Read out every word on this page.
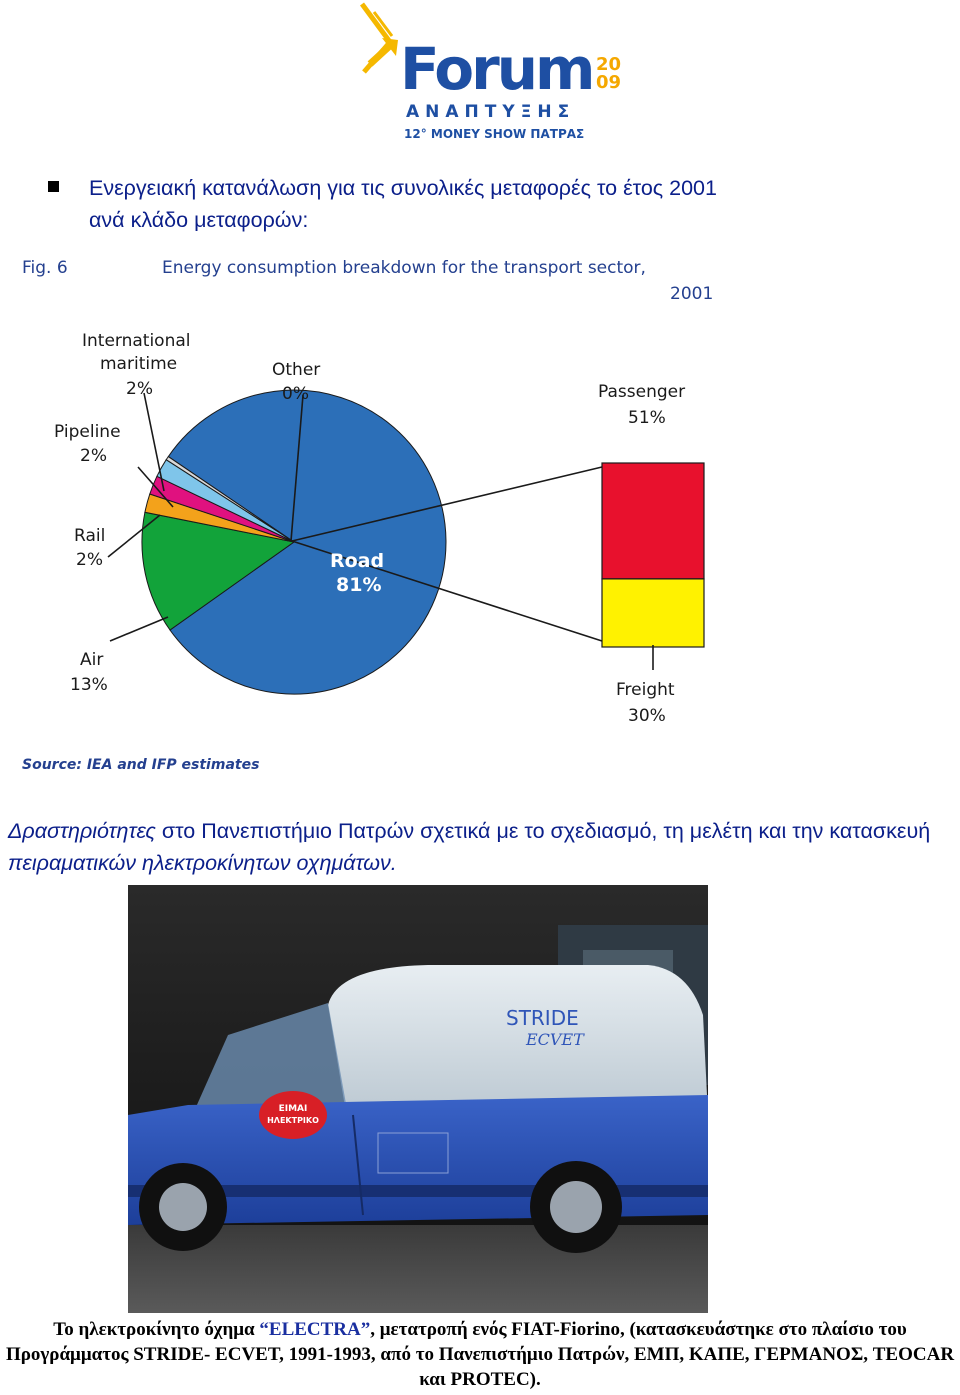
Forum 20
09
ΑΝΑΠΤΥΞΗΣ
12° MONEY SHOW ΠΑΤΡΑΣ
Ενεργειακή κατανάλωση για τις συνολικές μεταφορές το έτος 2001
ανά κλάδο μεταφορών:
Fig. 6	Energy consumption breakdown for the transport sector,
2001
International
maritime
2%
Pipeline
2%
Rail
2%
Air
13%
Other
0%
Road
81%
Passenger
51%
Freight
30%
Source: IEA and IFP estimates
Δραστηριότητες στο Πανεπιστήμιο Πατρών σχετικά με το σχεδιασμό, τη μελέτη και την κατασκευή πειραματικών ηλεκτροκίνητων οχημάτων.
ΕΙΜΑΙ
ΗΛΕΚΤΡΙΚΟ
STRIDE
ECVET
Το ηλεκτροκίνητο όχημα “ELECTRA”, μετατροπή ενός FIAT-Fiorino, (κατασκευάστηκε στο πλαίσιο του Προγράμματος STRIDE- ECVET, 1991-1993, από το Πανεπιστήμιο Πατρών, ΕΜΠ, ΚΑΠΕ, ΓΕΡΜΑΝΟΣ, TEOCAR και PROTEC).
